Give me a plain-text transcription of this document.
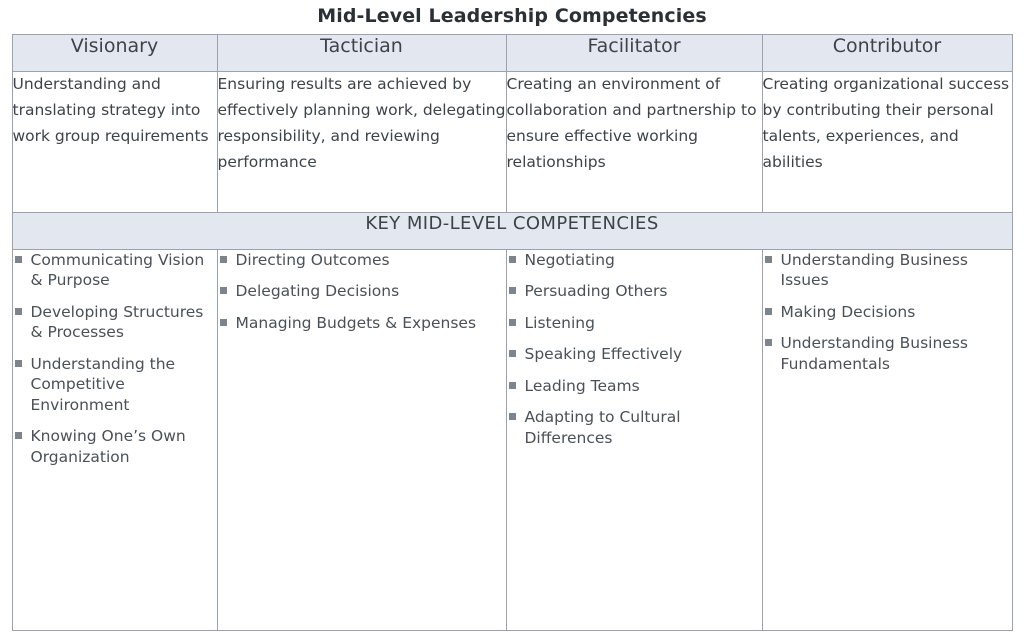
Mid-Level Leadership Competencies
Visionary	Tactician	Facilitator	Contributor
Understanding and translating strategy into work group requirements	Ensuring results are achieved by effectively planning work, delegating responsibility, and reviewing performance	Creating an environment of collaboration and partnership to ensure effective working relationships	Creating organizational success by contributing their personal talents, experiences, and abilities
KEY MID-LEVEL COMPETENCIES			

Communicating Vision & Purpose
Developing Structures & Processes
Understanding the Competitive Environment
Knowing One’s Own Organization

Directing Outcomes
Delegating Decisions
Managing Budgets & Expenses

Negotiating
Persuading Others
Listening
Speaking Effectively
Leading Teams
Adapting to Cultural Differences

Understanding Business Issues
Making Decisions
Understanding Business Fundamentals
